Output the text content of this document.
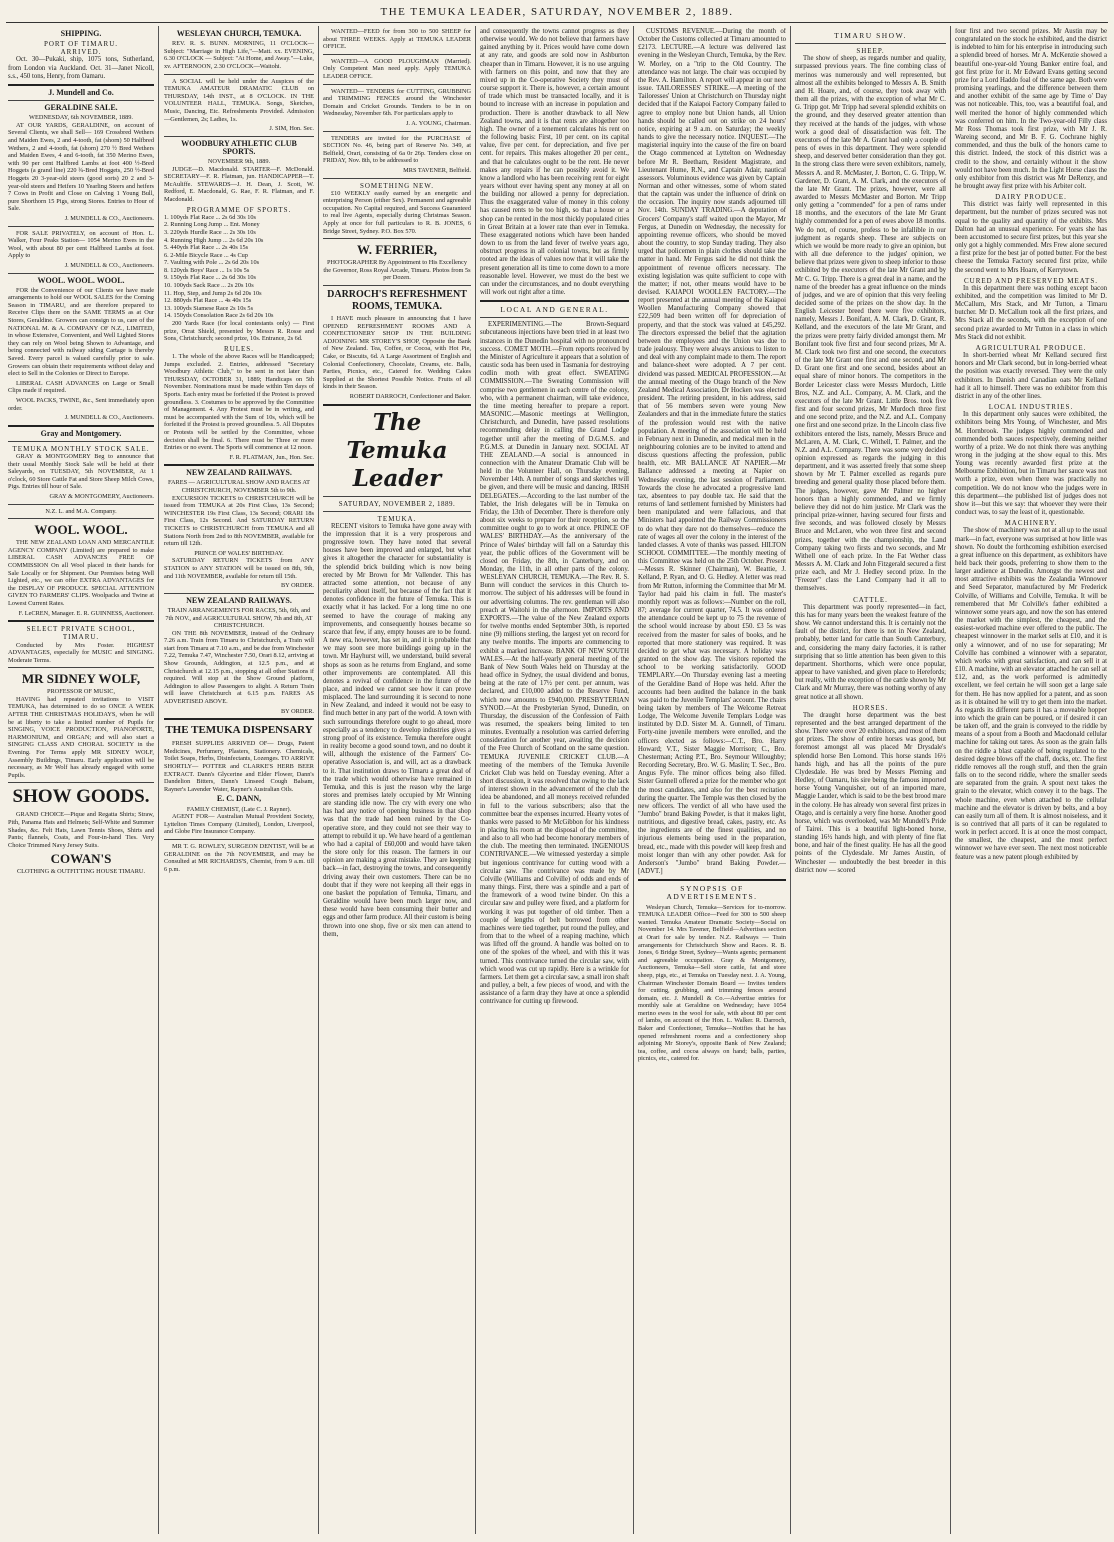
THE TEMUKA LEADER, SATURDAY, NOVEMBER 2, 1889.
SHIPPING.
PORT OF TIMARU.
ARRIVED.

Oct. 30—Pukaki, ship, 1075 tons, Sutherland, from London via Auckland. Oct. 31—Janet Nicoll, s.s., 450 tons, Henry, from Oamaru.

J. Mundell and Co.
GERALDINE SALE.
WEDNESDAY, 6th NOVEMBER, 1889.

AT OUR YARDS, GERALDINE, on account of Several Clients, we shall Sell— 169 Crossbred Wethers and Maiden Ewes, 2 and 4-tooth, fat (shorn) 50 Halfbred Wethers, 2 and 4-tooth, fat (shorn) 270 ½ Bred Wethers and Maiden Ewes, 4 and 6-tooth, fat 350 Merino Ewes, with 90 per cent Halfbred Lambs at foot 400 ½-Bred Hoggets (a grand line) 220 ¾-Bred Hoggets, 250 ½-Bred Hoggets 20 3-year-old steers (good sorts) 20 2 and 3-year-old steers and Heifers 10 Yearling Steers and heifers 7 Cows in Profit and Close on Calving 1 Young Bull, pure Shorthorn 15 Pigs, strong Stores. Entries to Hour of Sale.

J. MUNDELL & CO., Auctioneers.

FOR SALE PRIVATELY, on account of Hon. L. Walker, Four Peaks Station— 1054 Merino Ewes in the Wool, with about 80 per cent Halfbred Lambs at foot. Apply to

J. MUNDELL & CO., Auctioneers.
WOOL. WOOL. WOOL.

FOR the Convenience of our Clients we have made arrangements to hold our WOOL SALES for the Coming Season in TIMARU, and are therefore prepared to Receive Clips there on the SAME TERMS as at Our Stores, Geraldine. Growers can consign to us, care of the NATIONAL M. & A. COMPANY OF N.Z., LIMITED, in whose Extensive, Convenient, and Well Lighted Stores they can rely on Wool being Shown to Advantage, and being connected with railway siding Cartage is thereby Saved. Every parcel is valued carefully prior to sale. Growers can obtain their requirements without delay and elect to Sell in the Colonies or Direct to Europe.

LIBERAL CASH ADVANCES on Large or Small Clips made if required.

WOOL PACKS, TWINE, &c., Sent immediately upon order.

J. MUNDELL & CO., Auctioneers.
Gray and Montgomery.
TEMUKA MONTHLY STOCK SALE.

GRAY & MONTGOMERY Beg to announce that their usual Monthly Stock Sale will be held at their Saleyards, on TUESDAY, 5th NOVEMBER, At 1 o'clock, 60 Store Cattle Fat and Store Sheep Milch Cows, Pigs. Entries till hour of Sale.

GRAY & MONTGOMERY, Auctioneers.
N.Z. L. and M.A. Company.
WOOL. WOOL.

THE NEW ZEALAND LOAN AND MERCANTILE AGENCY COMPANY (Limited) are prepared to make LIBERAL CASH ADVANCES FREE OF COMMISSION On all Wool placed in their hands for Sale Locally or for Shipment. Our Premises being Well Lighted, etc., we can offer EXTRA ADVANTAGES for the DISPLAY OF PRODUCE. SPECIAL ATTENTION GIVEN TO FARMERS' CLIPS. Woolpacks and Twine at Lowest Current Rates.

F. LeCREN, Manager. E. R. GUINNESS, Auctioneer.
SELECT PRIVATE SCHOOL, TIMARU.

Conducted by Mrs Foster. HIGHEST ADVANTAGES, especially for MUSIC and SINGING. Moderate Terms.

MR SIDNEY WOLF,
PROFESSOR OF MUSIC,

HAVING had repeated invitations to VISIT TEMUKA, has determined to do so ONCE A WEEK AFTER THE CHRISTMAS HOLIDAYS, when he will be at liberty to take a limited number of Pupils for SINGING, VOICE PRODUCTION, PIANOFORTE, HARMONIUM, and ORGAN; and will also start a SINGING CLASS AND CHORAL SOCIETY in the Evening. For Terms apply MR SIDNEY WOLF, Assembly Buildings, Timaru. Early application will be necessary, as Mr Wolf has already engaged with some Pupils.

SHOW GOODS.

GRAND CHOICE—Pique and Regatta Shirts; Straw, Pith, Panama Hats and Helmets; Self-White and Summer Shades, &c. Felt Hats, Lawn Tennis Shoes, Shirts and Pants; flannels, Coats, and Four-in-hand Ties. Very Choice Trimmed Navy Jersey Suits.

COWAN'S
CLOTHING & OUTFITTING HOUSE TIMARU.
WESLEYAN CHURCH, TEMUKA.

REV. R. S. BUNN. MORNING, 11 O'CLOCK—Subject: "Marriage in High Life,"—Matt. xx. EVENING, 6.30 O'CLOCK — Subject: "At Home, and Away."—Luke, xv. AFTERNOON, 2.30 O'CLOCK—Waitohi.

A SOCIAL will be held under the Auspices of the TEMUKA AMATEUR DRAMATIC CLUB on THURSDAY, 14th INST., at 8 O'CLOCK. IN THE VOLUNTEER HALL, TEMUKA. Songs, Sketches, Music, Dancing, Etc. Refreshments Provided. Admission—Gentlemen, 2s; Ladies, 1s.

J. SIM, Hon. Sec.
WOODBURY ATHLETIC CLUB SPORTS.
NOVEMBER 9th, 1889.

JUDGE—D. Macdonald. STARTER—F. McDonald. SECRETARY—F. R. Flatman, jun. HANDICAPPER—T. McAuliffe. STEWARDS—J. H. Dean, J. Scott, W. Redford, E. Macdonald, G. Rae, F. R. Flatman, and F. Macdonald.

PROGRAMME OF SPORTS.
1. 100yds Flat Race ... 2s 6d 30s 10s
2. Running Long Jump ... Ent. Money
3. 220yds Hurdle Race ... 2s 30s 10s
4. Running High Jump ... 2s 6d 20s 10s
5. 440yds Flat Race ... 2s 40s 15s
6. 2-Mile Bicycle Race ... 4s Cup
7. Vaulting with Pole ... 2s 6d 20s 10s
8. 120yds Boys' Race ... 1s 10s 5s
9. 150yds Flat Race ... 2s 6d 30s 10s
10. 100yds Sack Race ... 2s 20s 10s
11. Hop, Step, and Jump 2s 6d 20s 10s
12. 880yds Flat Race ... 4s 40s 15s
13. 100yds Siamese Race 2s 10s 5s
14. 150yds Consolation Race 2s 6d 20s 10s

200 Yards Race (for local contestants only) — First prize, Orrat Shield, presented by Messrs R. Rosse and Sons, Christchurch; second prize, 10s. Entrance, 2s 6d.

RULES.

1. The whole of the above Races will be Handicapped; Jumps excluded. 2. Entries, addressed "Secretary Woodbury Athletic Club," to be sent in not later than THURSDAY, OCTOBER 31, 1889; Handicaps on 5th November. Nominations must be made within Ten days of Sports. Each entry must be forfeited if the Protest is proved groundless. 3. Costumes to be approved by the Committee of Management. 4. Any Protest must be in writing, and must be accompanied with the Sum of 10s, which will be forfeited if the Protest is proved groundless. 5. All Disputes or Protests will be settled by the Committee, whose decision shall be final. 6. There must be Three or more Entries or no event. The Sports will commence at 12 noon.

F. R. FLATMAN, Jun., Hon. Sec.
NEW ZEALAND RAILWAYS.
FARES — AGRICULTURAL SHOW AND RACES AT CHRISTCHURCH, NOVEMBER 5th to 9th.

EXCURSION TICKETS to CHRISTCHURCH will be issued from TEMUKA at 20s First Class, 13s Second; WINCHESTER 19s First Class, 13s Second; ORARI 18s First Class, 12s Second. And SATURDAY RETURN TICKETS to CHRISTCHURCH from TEMUKA and all Stations North from 2nd to 8th NOVEMBER, available for return till 12th.

PRINCE OF WALES' BIRTHDAY.

SATURDAY RETURN TICKETS from ANY STATION to ANY STATION will be issued on 8th, 9th, and 11th NOVEMBER, available for return till 15th.

BY ORDER.
NEW ZEALAND RAILWAYS.
TRAIN ARRANGEMENTS FOR RACES, 5th, 6th, and 7th NOV., and AGRICULTURAL SHOW, 7th and 8th, AT CHRISTCHURCH.

ON THE 8th NOVEMBER, instead of the Ordinary 7.26 a.m. Train from Timaru to Christchurch, a Train will start from Timaru at 7.10 a.m., and be due from Winchester 7.22, Temuka 7.47, Winchester 7.50, Orari 8.12, arriving at Show Grounds, Addington, at 12.5 p.m., and at Christchurch at 12.15 p.m., stopping at all other Stations if required. Will stop at the Show Ground platform, Addington to allow Passengers to alight. A Return Train will leave Christchurch at 6.15 p.m. FARES AS ADVERTISED ABOVE.

BY ORDER.
THE TEMUKA DISPENSARY

FRESH SUPPLIES ARRIVED OF— Drugs, Patent Medicines, Perfumery, Plasters, Stationery. Chemicals, Toilet Soaps, Herbs, Disinfectants, Lozenges. TO ARRIVE SHORTLY— POTTER and CLARKE'S HERB BEER EXTRACT. Dann's Glycerine and Elder Flower, Dann's Dandelion Bitters, Dann's Linseed Cough Balsam, Rayner's Lavender Water, Rayner's Australian Oils.

E. C. DANN,
FAMILY CHEMIST, (Late C. J. Rayner).

AGENT FOR— Australian Mutual Provident Society, Lyttelton Times Company (Limited), London, Liverpool, and Globe Fire Insurance Company.

MR T. G. ROWLEY, SURGEON DENTIST, Will be at GERALDINE on the 7th NOVEMBER, and may be Consulted at MR RICHARDS'S, Chemist, from 9 a.m. till 6 p.m.

WANTED—FEED for from 300 to 500 SHEEP for about THREE WEEKS. Apply at TEMUKA LEADER OFFICE.

WANTED—A GOOD PLOUGHMAN (Married). Only Competent Man need apply. Apply TEMUKA LEADER OFFICE.

WANTED— TENDERS for CUTTING, GRUBBING and TRIMMING FENCES around the Winchester Domain and Cricket Grounds. Tenders to be in on Wednesday, November 6th. For particulars apply to

J. A. YOUNG, Chairman.

TENDERS are invited for the PURCHASE of SECTION No. 46, being part of Reserve No. 349, at Belfield, Orari, consisting of 6a 0r 26p. Tenders close on FRIDAY, Nov. 8th, to be addressed to

MRS TAVENER, Belfield.
SOMETHING NEW.

£10 WEEKLY easily earned by an energetic and enterprising Person (either Sex). Permanent and agreeable occupation. No Capital required, and Success Guaranteed to real live Agents, especially during Christmas Season. Apply at once for full particulars to R. B. JONES, 6 Bridge Street, Sydney. P.O. Box 570.

W. FERRIER,

PHOTOGRAPHER By Appointment to His Excellency the Governor, Ross Royal Arcade, Timaru. Photos from 5s per Dozen.

DARROCH'S REFRESHMENT ROOMS, TEMUKA.

I HAVE much pleasure in announcing that I have OPENED REFRESHMENT ROOMS AND A CONFECTIONERY SHOP IN THE BUILDING ADJOINING MR STOREY'S SHOP, Opposite the Bank of New Zealand. Tea, Coffee, or Cocoa, with Hot Pie, Cake, or Biscuits, 6d. A Large Assortment of English and Colonial Confectionery, Chocolate, Creams, etc. Balls, Parties, Picnics, etc., Catered for. Wedding Cakes Supplied at the Shortest Possible Notice. Fruits of all kinds in their Season.

ROBERT DARROCH, Confectioner and Baker.
The Temuka Leader
SATURDAY, NOVEMBER 2, 1889.
TEMUKA.

RECENT visitors to Temuka have gone away with the impression that it is a very prosperous and progressive town. They have noted that several houses have been improved and enlarged, but what gives it altogether the character for substantiality is the splendid brick building which is now being erected by Mr Brown for Mr Vallender. This has attracted some attention, not because of any peculiarity about itself, but because of the fact that it denotes confidence in the future of Temuka. This is exactly what it has lacked. For a long time no one seemed to have the courage of making any improvements, and consequently houses became so scarce that few, if any, empty houses are to be found. A new era, however, has set in, and it is probable that we may soon see more buildings going up in the town. Mr Hayhurst will, we understand, build several shops as soon as he returns from England, and some other improvements are contemplated. All this denotes a revival of confidence in the future of the place, and indeed we cannot see how it can prove misplaced. The land surrounding it is second to none in New Zealand, and indeed it would not be easy to find much better in any part of the world. A town with such surroundings therefore ought to go ahead, more especially as a tendency to develop industries gives a strong proof of its existence. Temuka therefore ought in reality become a good sound town, and no doubt it will, although the existence of the Farmers' Co-operative Association is, and will, act as a drawback to it. That institution draws to Timaru a great deal of the trade which would otherwise have remained in Temuka, and this is just the reason why the large stores and premises lately occupied by Mr Winning are standing idle now. The cry with every one who has had any notice of opening business in that shop was that the trade had been ruined by the Co-operative store, and they could not see their way to attempt to rebuild it up. We have heard of a gentleman who had a capital of £60,000 and would have taken the store only for this reason. The farmers in our opinion are making a great mistake. They are keeping back—in fact, destroying the towns, and consequently driving away their own customers. There can be no doubt that if they were not keeping all their eggs in one basket the population of Temuka, Timaru, and Geraldine would have been much larger now, and these would have been consuming their butter and eggs and other farm produce. All their custom is being thrown into one shop, five or six men can attend to them,

and consequently the towns cannot progress as they otherwise would. We do not believe that farmers have gained anything by it. Prices would have come down at any rate, and goods are sold now in Ashburton cheaper than in Timaru. However, it is no use arguing with farmers on this point, and now that they are mixed up in the Co-operative Society they must of course support it. There is, however, a certain amount of trade which must be transacted locally, and it is bound to increase with an increase in population and production. There is another drawback to all New Zealand towns, and it is that rents are altogether too high. The owner of a tenement calculates his rent on the following basis: First, 10 per cent. on its capital value, five per cent. for depreciation, and five per cent. for repairs. This makes altogether 20 per cent., and that he calculates ought to be the rent. He never makes any repairs if he can possibly avoid it. We know a landlord who has been receiving rent for eight years without ever having spent any money at all on the building nor allowed a penny for depreciation. Thus the exaggerated value of money in this colony has caused rents to be too high, so that a house or a shop can be rented in the most thickly populated cities in Great Britain at a lower rate than ever in Temuka. These exaggerated notions which have been handed down to us from the land fever of twelve years ago, obstruct progress in all colonial towns, but as firmly rooted are the ideas of values now that it will take the present generation all its time to come down to a more reasonable level. However, we must do the best we can under the circumstances, and no doubt everything will work out right after a time.

LOCAL AND GENERAL.

EXPERIMENTING.—The Brown-Sequard subcutaneous injections have been tried in at least two instances in the Dunedin hospital with no pronounced success. COMET MOTH.—From reports received by the Minister of Agriculture it appears that a solution of caustic soda has been used in Tasmania for destroying codlin moth with great effect. SWEATING COMMISSION.—The Sweating Commission will comprise two gentlemen in each centre of the colony, who, with a permanent chairman, will take evidence, the time meeting hereafter to prepare a report. MASONIC.—Masonic meetings at Wellington, Christchurch, and Dunedin, have passed resolutions recommending delay in calling the Grand Lodge together until after the meeting of D.G.M.S. and P.G.M.S. at Dunedin in January next. SOCIAL AT THE ZEALAND.—A social is announced in connection with the Amateur Dramatic Club will be held in the Volunteer Hall, on Thursday evening, November 14th. A number of songs and sketches will be given, and there will be music and dancing. IRISH DELEGATES.—According to the last number of the Tablet, the Irish delegates will be in Temuka on Friday, the 13th of December. There is therefore only about six weeks to prepare for their reception, so the committee ought to go to work at once. PRINCE OF WALES' BIRTHDAY.—As the anniversary of the Prince of Wales' birthday will fall on a Saturday this year, the public offices of the Government will be closed on Friday, the 8th, in Canterbury, and on Monday, the 11th, in all other parts of the colony. WESLEYAN CHURCH, TEMUKA.—The Rev. R. S. Bunn will conduct the services in this Church to-morrow. The subject of his addresses will be found in our advertising columns. The rev. gentleman will also preach at Waitohi in the afternoon. IMPORTS AND EXPORTS.—The value of the New Zealand exports for twelve months ended September 30th, is reported nine (9) millions sterling, the largest yet on record for any twelve months. The imports are commencing to exhibit a marked increase. BANK OF NEW SOUTH WALES.—At the half-yearly general meeting of the Bank of New South Wales held on Thursday at the head office in Sydney, the usual dividend and bonus, being at the rate of 17½ per cent. per annum, was declared, and £10,000 added to the Reserve Fund, which now amounts to £940,000. PRESBYTERIAN SYNOD.—At the Presbyterian Synod, Dunedin, on Thursday, the discussion of the Confession of Faith was resumed, the speakers being limited to ten minutes. Eventually a resolution was carried deferring consideration for another year, awaiting the decision of the Free Church of Scotland on the same question. TEMUKA JUVENILE CRICKET CLUB.—A meeting of the members of the Temuka Juvenile Cricket Club was held on Tuesday evening. After a short discussion, it was resolved that owing to the lack of interest shown in the advancement of the club the idea be abandoned, and all moneys received refunded in full to the various subscribers; also that the committee bear the expenses incurred. Hearty votes of thanks were passed to Mr McGibbon for his kindness in placing his room at the disposal of the committee, and also to all who had become honorary members of the club. The meeting then terminated. INGENIOUS CONTRIVANCE.—We witnessed yesterday a simple but ingenious contrivance for cutting wood with a circular saw. The contrivance was made by Mr Colville (Williams and Colville) of odds and ends of many things. First, there was a spindle and a part of the framework of a wood twine binder. On this a circular saw and pulley were fixed, and a platform for working it was put together of old timber. Then a couple of lengths of belt borrowed from other machines were tied together, put round the pulley, and from that to the wheel of a reaping machine, which was lifted off the ground. A handle was bolted on to one of the spokes of the wheel, and with this it was turned. This contrivance turned the circular saw, with which wood was cut up rapidly. Here is a wrinkle for farmers. Let them get a circular saw, a small iron shaft and pulley, a belt, a few pieces of wood, and with the assistance of a farm dray they have at once a splendid contrivance for cutting up firewood.

CUSTOMS REVENUE.—During the month of October the Customs collected at Timaru amounted to £2173. LECTURE.—A lecture was delivered last evening in the Wesleyan Church, Temuka, by the Rev. W. Morley, on a "trip to the Old Country. The attendance was not large. The chair was occupied by the Rev. A. Hamilton. A report will appear in our next issue. TAILORESSES' STRIKE.—A meeting of the Tailoresses' Union at Christchurch on Thursday night decided that if the Kaiapoi Factory Company failed to agree to employ none but Union hands, all Union hands should be called out on strike on 24 hours' notice, expiring at 9 a.m. on Saturday; the weekly hands to give the necessary notice. INQUEST.—The magisterial inquiry into the cause of the fire on board the Otago commenced at Lyttelton on Wednesday before Mr R. Beetham, Resident Magistrate, and Lieutenant Hume, R.N., and Captain Adair, nautical assessors. Voluminous evidence was given by Captain Norman and other witnesses, some of whom stated that the captain was under the influence of drink on the occasion. The inquiry now stands adjourned till Nov. 14th. SUNDAY TRADING.—A deputation of Grocers' Company's staff waited upon the Mayor, Mr Fergus, at Dunedin on Wednesday, the necessity for appointing revenue officers, who should be moved about the country, to stop Sunday trading. They also urged that policemen in plain clothes should take the matter in hand. Mr Fergus said he did not think the appointment of revenue officers necessary. The existing legislation was quite sufficient to cope with the matter; if not, other means would have to be devised. KAIAPOI WOOLLEN FACTORY.—The report presented at the annual meeting of the Kaiapoi Woollen Manufacturing Company showed that £22,509 had been written off for depreciation of property, and that the stock was valued at £45,292. The directors expressed the belief that the agitation between the employees and the Union was due to trade jealousy. They were always anxious to listen to and deal with any complaint made to them. The report and balance-sheet were adopted. A 7 per cent. dividend was passed. MEDICAL PROFESSION.—At the annual meeting of the Otago branch of the New Zealand Medical Association, Dr Hocken was elected president. The retiring president, in his address, said that of 56 members seven were young New Zealanders and that in the immediate future the statics of the profession would rest with the native population. A meeting of the association will be held in February next in Dunedin, and medical men in the neighbouring colonies are to be invited to attend and discuss questions affecting the profession, public health, etc. MR BALLANCE AT NAPIER.—Mr Ballance addressed a meeting at Napier on Wednesday evening, the last session of Parliament. Towards the close he advocated a progressive land tax, absentees to pay double tax. He said that the returns of land settlement furnished by Ministers had been manipulated and were fallacious, and that Ministers had appointed the Railway Commissioners to do what they dare not do themselves—reduce the rate of wages all over the colony in the interest of the landed classes. A vote of thanks was passed. HILTON SCHOOL COMMITTEE.—The monthly meeting of this Committee was held on the 25th October. Present—Messrs R. Skinner (Chairman), W. Beattie, J. Kelland, P. Ryan, and O. G. Hedley. A letter was read from Mr Rutton, informing the Committee that Mr M. Taylor had paid his claim in full. The master's monthly report was as follows:—Number on the roll, 87; average for current quarter, 74.5. It was ordered the attendance could be kept up to 75 the revenue of the school would increase by about £50. £3 5s was received from the master for sales of books, and he reported that more stationery was required. It was decided to get what was necessary. A holiday was granted on the show day. The visitors reported the school to be working satisfactorily. GOOD TEMPLARY.—On Thursday evening last a meeting of the Geraldine Band of Hope was held. After the accounts had been audited the balance in the bank was paid to the Juvenile Templars' account. The chairs being taken by members of The Welcome Retreat Lodge, The Welcome Juvenile Templars Lodge was instituted by D.D. Sister M. A. Gunnell, of Timaru. Forty-nine juvenile members were enrolled, and the officers elected as follows:—C.T., Bro. Harry Howard; V.T., Sister Maggie Morrison; C., Bro. Chesterman; Acting P.T., Bro. Seymour Willoughby; Recording Secretary, Bro. W. G. Maslin; T. Sec., Bro. Angus Fyfe. The minor offices being also filled. Sister Gunnell offered a prize for the member who got the most candidates, and also for the best recitation during the quarter. The Temple was then closed by the new officers. The verdict of all who have used the "Jumbo" brand Baking Powder, is that it makes light, nutritious, and digestive bread, cakes, pastry, etc. As the ingredients are of the finest qualities, and no injurious elements being used in the preparation, bread, etc., made with this powder will keep fresh and moist longer than with any other powder. Ask for Anderson's "Jumbo" brand Baking Powder.—[ADVT.]

SYNOPSIS OF ADVERTISEMENTS.

Wesleyan Church, Temuka—Services for to-morrow. TEMUKA LEADER Office—Feed for 300 to 500 sheep wanted. Temuka Amateur Dramatic Society—Social on November 14. Mrs Tavener, Belfield—Advertises section at Orari for sale by tender. N.Z. Railways — Train arrangements for Christchurch Show and Races. R. B. Jones, 6 Bridge Street, Sydney—Wants agents; permanent and agreeable occupation. Gray & Montgomery, Auctioneers, Temuka—Sell store cattle, fat and store sheep, pigs, etc., at Temuka on Tuesday next. J. A. Young, Chairman Winchester Domain Board — Invites tenders for cutting, grubbing, and trimming fences around domain, etc. J. Mundell & Co.—Advertise entries for monthly sale at Geraldine on Wednesday; have 1054 merino ewes in the wool for sale, with about 80 per cent of lambs, on account of the Hon. L. Walker. R. Darroch, Baker and Confectioner, Temuka—Notifies that he has opened refreshment rooms and a confectionery shop adjoining Mr Storey's, opposite Bank of New Zealand; tea, coffee, and cocoa always on hand; balls, parties, picnics, etc., catered for.

TIMARU SHOW.
SHEEP.

The show of sheep, as regards number and quality, surpassed previous years. The fine combing class of merinos was numerously and well represented, but almost all the exhibits belonged to Messrs A. B. Smith and H. Hoare, and, of course, they took away with them all the prizes, with the exception of what Mr C. G. Tripp got. Mr Tripp had several splendid exhibits on the ground, and they deserved greater attention than they received at the hands of the judges, with whose work a good deal of dissatisfaction was felt. The executors of the late Mr A. Grant had only a couple of pens of ewes in this department. They were splendid sheep, and deserved better consideration than they got. In the strong class there were seven exhibitors, namely, Messrs A. and R. McMaster, J. Borton, C. G. Tripp, W. Gardener, D. Grant, A. M. Clark, and the executors of the late Mr Grant. The prizes, however, were all awarded to Messrs McMaster and Borton. Mr Tripp only getting a "commended" for a pen of rams under 18 months, and the executors of the late Mr Grant highly commended for a pen of ewes above 18 months. We do not, of course, profess to be infallible in our judgment as regards sheep. These are subjects on which we would be more ready to give an opinion, but with all due deference to the judges' opinion, we believe that prizes were given to sheep inferior to those exhibited by the executors of the late Mr Grant and by Mr C. G. Tripp. There is a great deal in a name, and the name of the breeder has a great influence on the minds of judges, and we are of opinion that this very feeling decided some of the prizes on the show day. In the English Leicester breed there were five exhibitors, namely, Messrs J. Bonifant, A. M. Clark, D. Grant, R. Kelland, and the executors of the late Mr Grant, and the prizes were pretty fairly divided amongst them. Mr Bonifant took five first and four second prizes, Mr A. M. Clark took two first and one second, the executors of the late Mr Grant one first and one second, and Mr D. Grant one first and one second, besides about an equal share of minor honors. The competitors in the Border Leicester class were Messrs Murdoch, Little Bros, N.Z. and A.L. Company, A. M. Clark, and the executors of the late Mr Grant. Little Bros. took five first and four second prizes, Mr Murdoch three first and one second prize, and the N.Z. and A.L. Company one first and one second prize. In the Lincoln class five exhibitors entered the lists, namely, Messrs Bruce and McLaren, A. M. Clark, C. Withell, T. Palmer, and the N.Z. and A.L. Company. There was some very decided opinion expressed as regards the judging in this department, and it was asserted freely that some sheep shown by Mr T. Palmer excelled as regards pure breeding and general quality those placed before them. The judges, however, gave Mr Palmer no higher honors than a highly commended, and we firmly believe they did not do him justice. Mr Clark was the principal prize-winner, having secured four firsts and five seconds, and was followed closely by Messrs Bruce and McLaren, who won three first and second prizes, together with the championship, the Land Company taking two firsts and two seconds, and Mr Withell one of each prize. In the Fat Wether class Messrs A. M. Clark and John Fitzgerald secured a first prize each, and Mr J. Hedley second prize. In the "Freezer" class the Land Company had it all to themselves.

CATTLE.

This department was poorly represented—in fact, this has for many years been the weakest feature of the show. We cannot understand this. It is certainly not the fault of the district, for there is not in New Zealand, probably, better land for cattle than South Canterbury, and, considering the many dairy factories, it is rather surprising that so little attention has been given to this department. Shorthorns, which were once popular, appear to have vanished, and given place to Herefords; but really, with the exception of the cattle shown by Mr Clark and Mr Murray, there was nothing worthy of any great notice at all shown.

HORSES.

The draught horse department was the best represented and the best arranged department of the show. There were over 20 exhibitors, and most of them got prizes. The show of entire horses was good, but foremost amongst all was placed Mr Drysdale's splendid horse Ben Lomond. This horse stands 16½ hands high, and has all the points of the pure Clydesdale. He was bred by Messrs Pleming and Hedley, of Oamaru, his sire being the famous imported horse Young Vanquisher, out of an imported mare, Maggie Lauder, which is said to be the best brood mare in the colony. He has already won several first prizes in Otago, and is certainly a very fine horse. Another good horse, which was overlooked, was Mr Mundell's Pride of Tairei. This is a beautiful light-boned horse, standing 16½ hands high, and with plenty of fine flat bone, and hair of the finest quality. He has all the good points of the Clydesdale. Mr James Austin, of Winchester — undoubtedly the best breeder in this district now — scored

four first and two second prizes. Mr Austin may be congratulated on the stock he exhibited, and the district is indebted to him for his enterprise in introducing such a splendid breed of horses. Mr A. McKenzie showed a beautiful one-year-old Young Banker entire foal, and got first prize for it. Mr Edward Evans getting second prize for a Lord Haddo foal of the same age. Both were promising yearlings, and the difference between them and another exhibit of the same age by Time o' Day was not noticeable. This, too, was a beautiful foal, and well merited the honor of highly commended which was conferred on him. In the Two-year-old Filly class Mr Ross Thomas took first prize, with Mr J. R. Wareing second, and Mr B. F. G. Cochrane highly commended, and thus the bulk of the honors came to this district. Indeed, the stock of this district was a credit to the show, and certainly without it the show would not have been much. In the Light Horse class the only exhibitor from this district was Mr DeRenzy, and he brought away first prize with his Arbiter colt.

DAIRY PRODUCE.

This district was fairly well represented in this department, but the number of prizes secured was not equal to the quality and quantity of the exhibits. Mrs Dalton had an unusual experience. For years she has been accustomed to secure first prizes, but this year she only got a highly commended. Mrs Frew alone secured a first prize for the best jar of potted butter. For the best cheese the Temuka Factory secured first prize, while the second went to Mrs Hoare, of Kerrytown.

CURED AND PRESERVED MEATS.

In this department there was nothing except bacon exhibited, and the competition was limited to Mr D. McCallum, Mrs Stack, and Mr Tutton, a Timaru butcher. Mr D. McCallum took all the first prizes, and Mrs Stack all the seconds, with the exception of one second prize awarded to Mr Tutton in a class in which Mrs Stack did not exhibit.

AGRICULTURAL PRODUCE.

In short-berried wheat Mr Kelland secured first honors and Mr Clark second, but in long-berried wheat the position was exactly reversed. They were the only exhibitors. In Danish and Canadian oats Mr Kelland had it all to himself. There was no exhibitor from this district in any of the other lines.

LOCAL INDUSTRIES.

In this department only sauces were exhibited, the exhibitors being Mrs Young, of Winchester, and Mrs M. Hornbrook. The judges highly commended and commended both sauces respectively, deeming neither worthy of a prize. We do not think there was anything wrong in the judging at the show equal to this. Mrs Young was recently awarded first prize at the Melbourne Exhibition, but in Timaru her sauce was not worth a prize, even when there was practically no competition. We do not know who the judges were in this department—the published list of judges does not show it—but this we say: that whoever they were their conduct was, to say the least of it, questionable.

MACHINERY.

The show of machinery was not at all up to the usual mark—in fact, everyone was surprised at how little was shown. No doubt the forthcoming exhibition exercised a great influence on this department, as exhibitors have held back their goods, preferring to show them to the larger audience at Dunedin. Amongst the newest and most attractive exhibits was the Zealandia Winnower and Seed Separator, manufactured by Mr Frederick Colville, of Williams and Colville, Temuka. It will be remembered that Mr Colville's father exhibited a winnower some years ago, and now the son has entered the market with the simplest, the cheapest, and the easiest-worked machine ever offered to the public. The cheapest winnower in the market sells at £10, and it is only a winnower, and of no use for separating; Mr Colville has combined a winnower with a separator, which works with great satisfaction, and can sell it at £10. A machine, with an elevator attached he can sell at £12, and, as the work performed is admittedly excellent, we feel certain he will soon get a large sale for them. He has now applied for a patent, and as soon as it is obtained he will try to get them into the market. As regards its different parts it has a moveable hopper into which the grain can be poured, or if desired it can be taken off, and the grain is conveyed to the riddle by means of a spout from a Booth and Macdonald cellular machine for taking out tares. As soon as the grain falls on the riddle a blast capable of being regulated to the desired degree blows off the chaff, docks, etc. The first riddle removes all the rough stuff, and then the grain falls on to the second riddle, where the smaller seeds are separated from the grain. A spout next takes the grain to the elevator, which convey it to the bags. The whole machine, even when attached to the cellular machine and the elevator is driven by belts, and a boy can easily turn all of them. It is almost noiseless, and it is so contrived that all parts of it can be regulated to work in perfect accord. It is at once the most compact, the smallest, the cheapest, and the most perfect winnower we have ever seen. The next most noticeable feature was a new patent plough exhibited by
